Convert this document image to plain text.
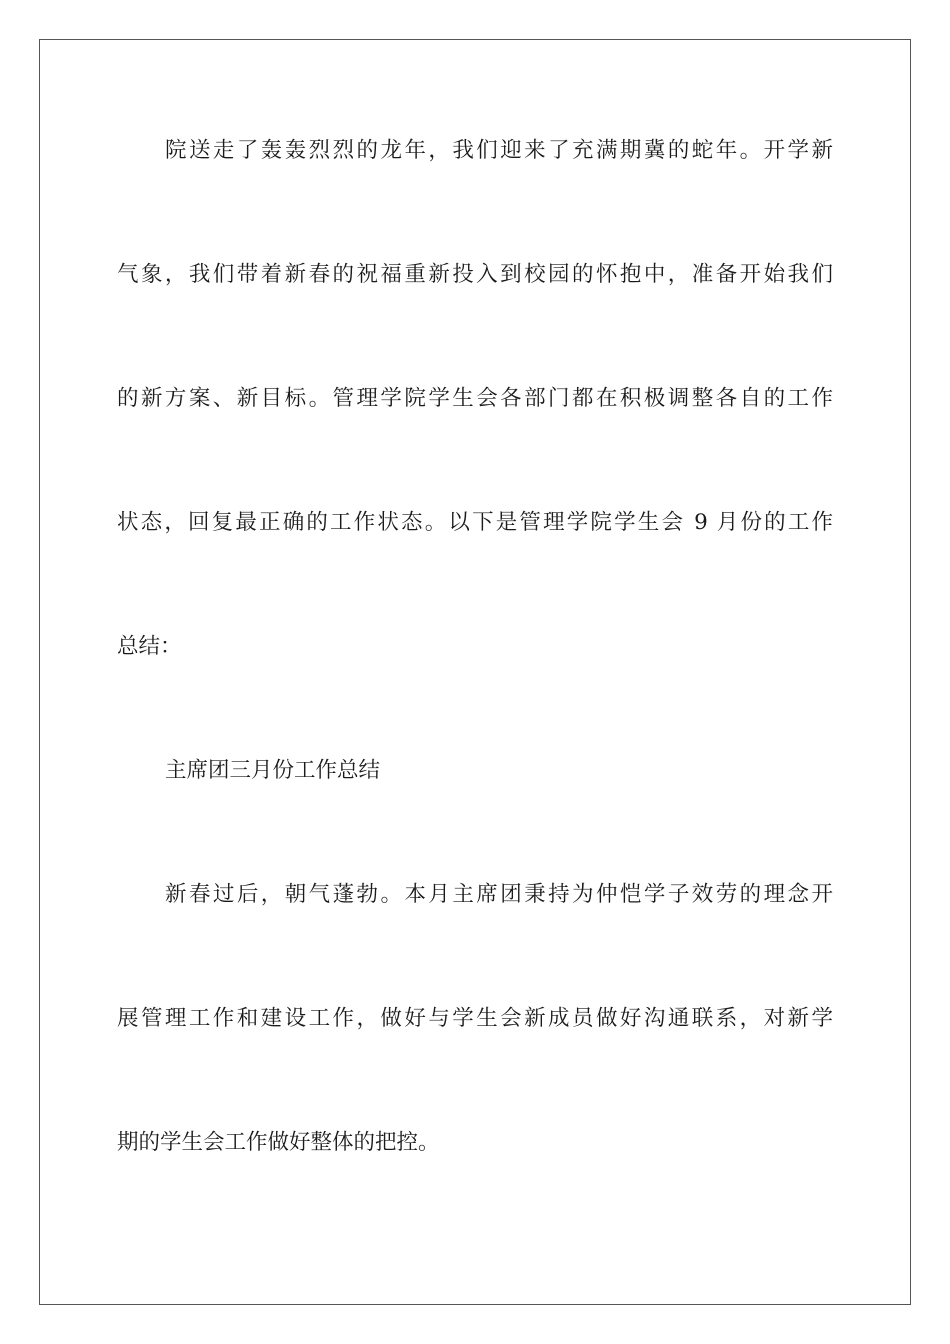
院送走了轰轰烈烈的龙年，我们迎来了充满期冀的蛇年。开学新
气象，我们带着新春的祝福重新投入到校园的怀抱中，准备开始我们
的新方案、新目标。管理学院学生会各部门都在积极调整各自的工作
状态，回复最正确的工作状态。以下是管理学院学生会 9 月份的工作
总结：
主席团三月份工作总结
新春过后，朝气蓬勃。本月主席团秉持为仲恺学子效劳的理念开
展管理工作和建设工作，做好与学生会新成员做好沟通联系，对新学
期的学生会工作做好整体的把控。
